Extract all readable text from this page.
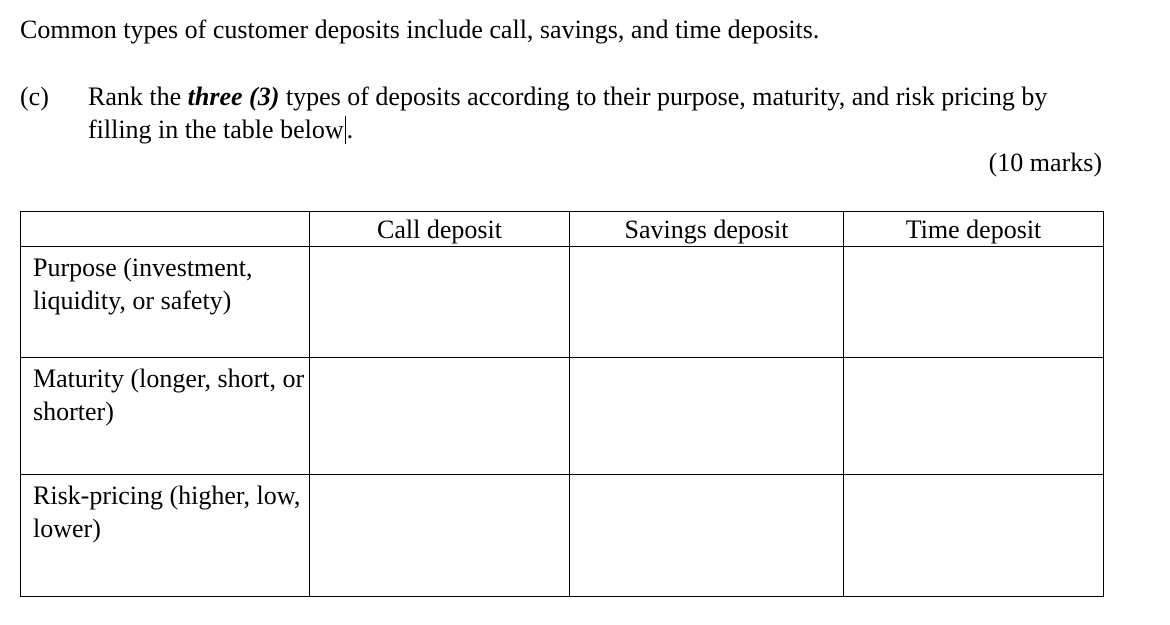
Common types of customer deposits include call, savings, and time deposits.
(c) Rank the three (3) types of deposits according to their purpose, maturity, and risk pricing by filling in the table below .
(10 marks)
	Call deposit	Savings deposit	Time deposit
Purpose (investment, liquidity, or safety)			
Maturity (longer, short, or shorter)			
Risk-pricing (higher, low, lower)			
